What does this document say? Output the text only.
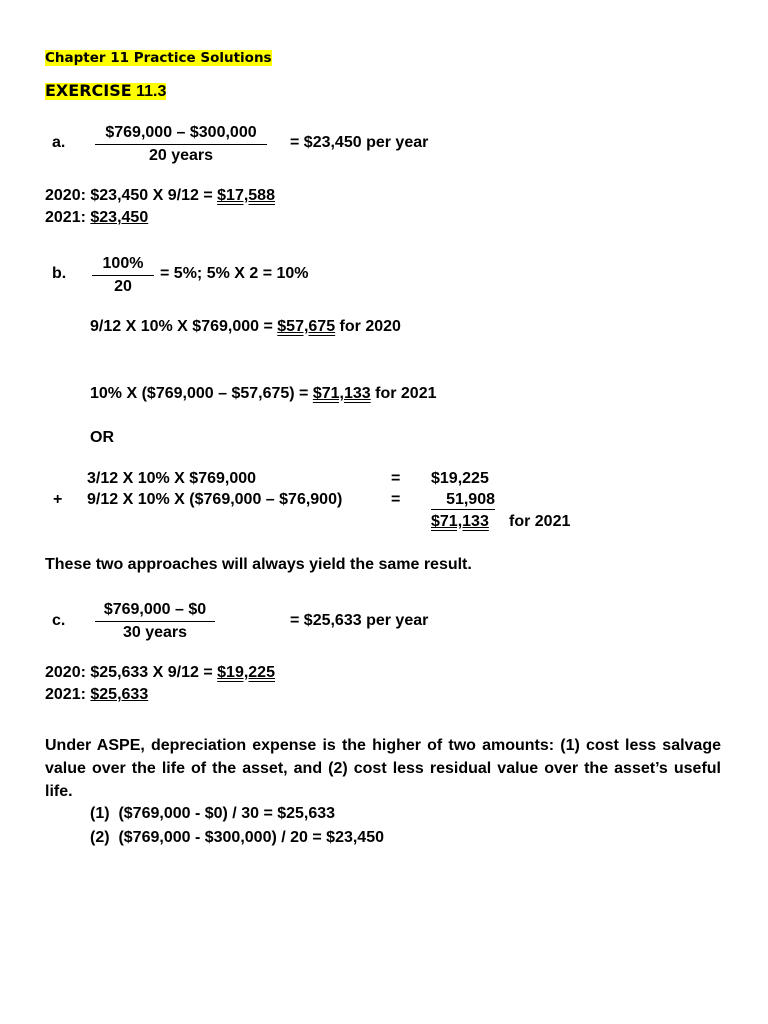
Chapter 11 Practice Solutions
EXERCISE 11.3
a.
$769,000 – $300,000
20 years
= $23,450 per year
2020: $23,450 X 9/12 = $17,588
2021: $23,450
b. $\frac{100\%}{20} = 5\%$; 5% X 2 = 10%
9/12 X 10% X $769,000 = $57,675 for 2020
10% X ($769,000 – $57,675) = $71,133 for 2021
OR
3/12 X 10% X $769,000	= $19,225
+ 9/12 X 10% X ($769,000 – $76,900)	=	51,908
$71,133 for 2021
These two approaches will always yield the same result.
c.
$769,000 – $0
30 years
= $25,633 per year
2020: $25,633 X 9/12 = $19,225
2021: $25,633
Under ASPE, depreciation expense is the higher of two amounts: (1) cost less salvage value over the life of the asset, and (2) cost less residual value over the asset’s useful life.
(1) ($769,000 - $0) / 30 = $25,633
(2) ($769,000 - $300,000) / 20 = $23,450
